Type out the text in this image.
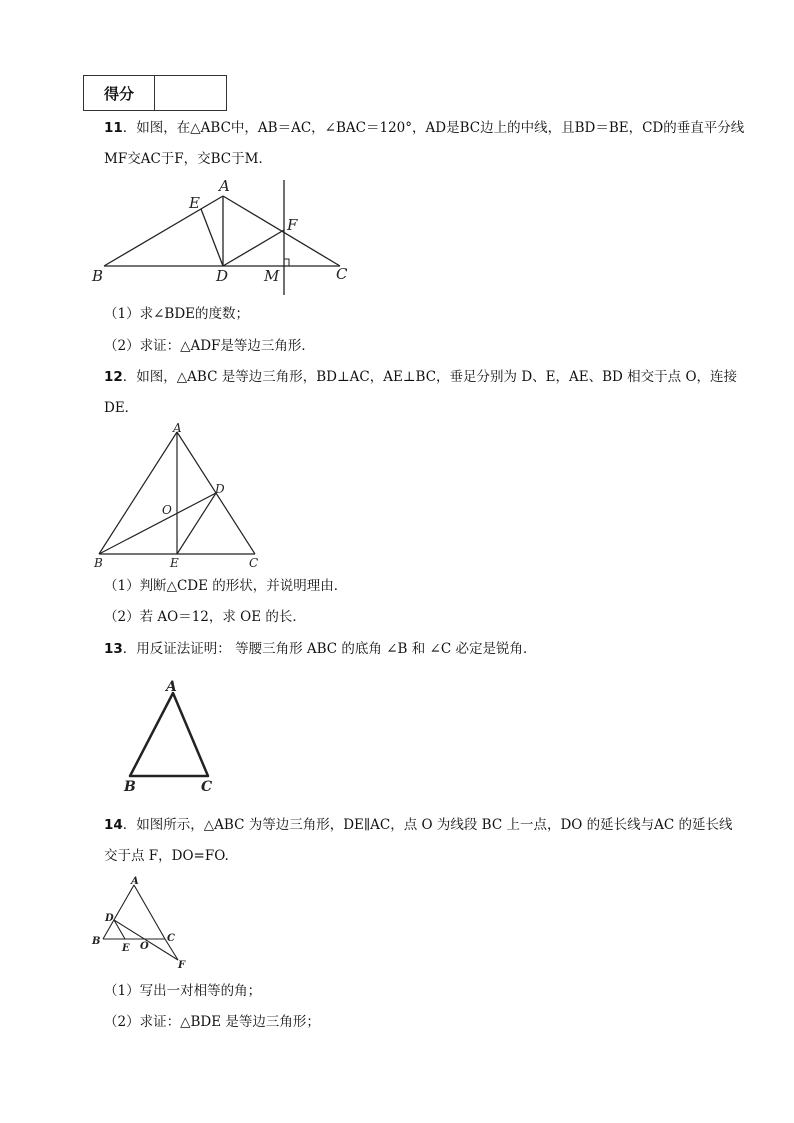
得分
11．如图，在△ABC中，AB＝AC，∠BAC＝120°，AD是BC边上的中线，且BD＝BE，CD的垂直平分线
MF交AC于F，交BC于M．
A
B	C
D
E
F
M
（1）求∠BDE的度数；
（2）求证：△ADF是等边三角形．
12．如图，△ABC 是等边三角形，BD⊥AC，AE⊥BC，垂足分别为 D、E，AE、BD 相交于点 O，连接
DE．
A
B	C
D
E
O
（1）判断△CDE 的形状，并说明理由．
（2）若 AO＝12，求 OE 的长．
13．用反证法证明： 等腰三角形 ABC 的底角 ∠B 和 ∠C 必定是锐角．
A
B	C
14．如图所示，△ABC 为等边三角形，DE∥AC，点 O 为线段 BC 上一点，DO 的延长线与AC 的延长线
交于点 F，DO=FO.
A
B	C
D
E O
F
（1）写出一对相等的角；
（2）求证：△BDE 是等边三角形；
